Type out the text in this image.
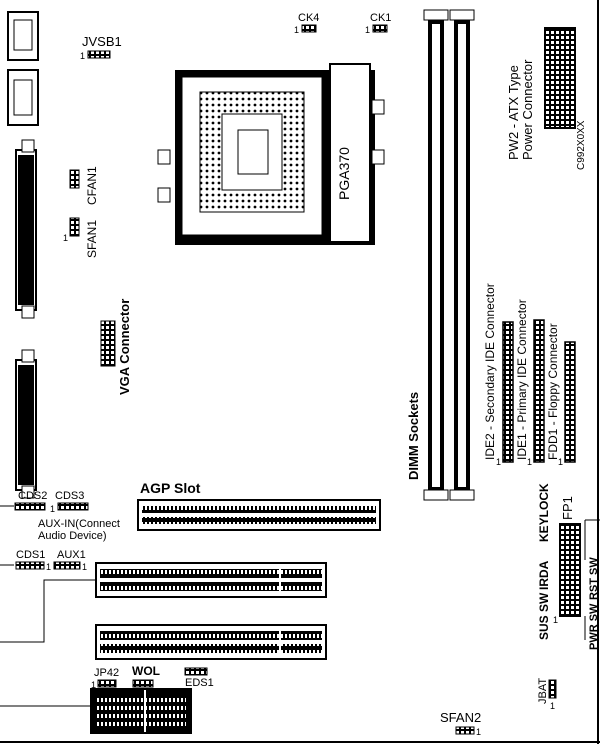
JVSB1
1
CK4
1
CK1
1
PGA370
PW2 - ATX Type Power Connector	C992X0XX
CFAN1
SFAN1
1
VGA Connector	IDE2 - Secondary IDE Connector IDE1 - Primary IDE Connector FDD1 - Floppy Connector
1	1	1
DIMM Sockets
CDS2 CDS3
1
AGP Slot
AUX-IN(Connect
Audio Device)
CDS1 AUX1
1	1
KEYLOCK FP1
SUS SW
IRDA	RST SW
PWR SW
1
JP42
1
WOL
EDS1	JBAT
1
SFAN2
1
